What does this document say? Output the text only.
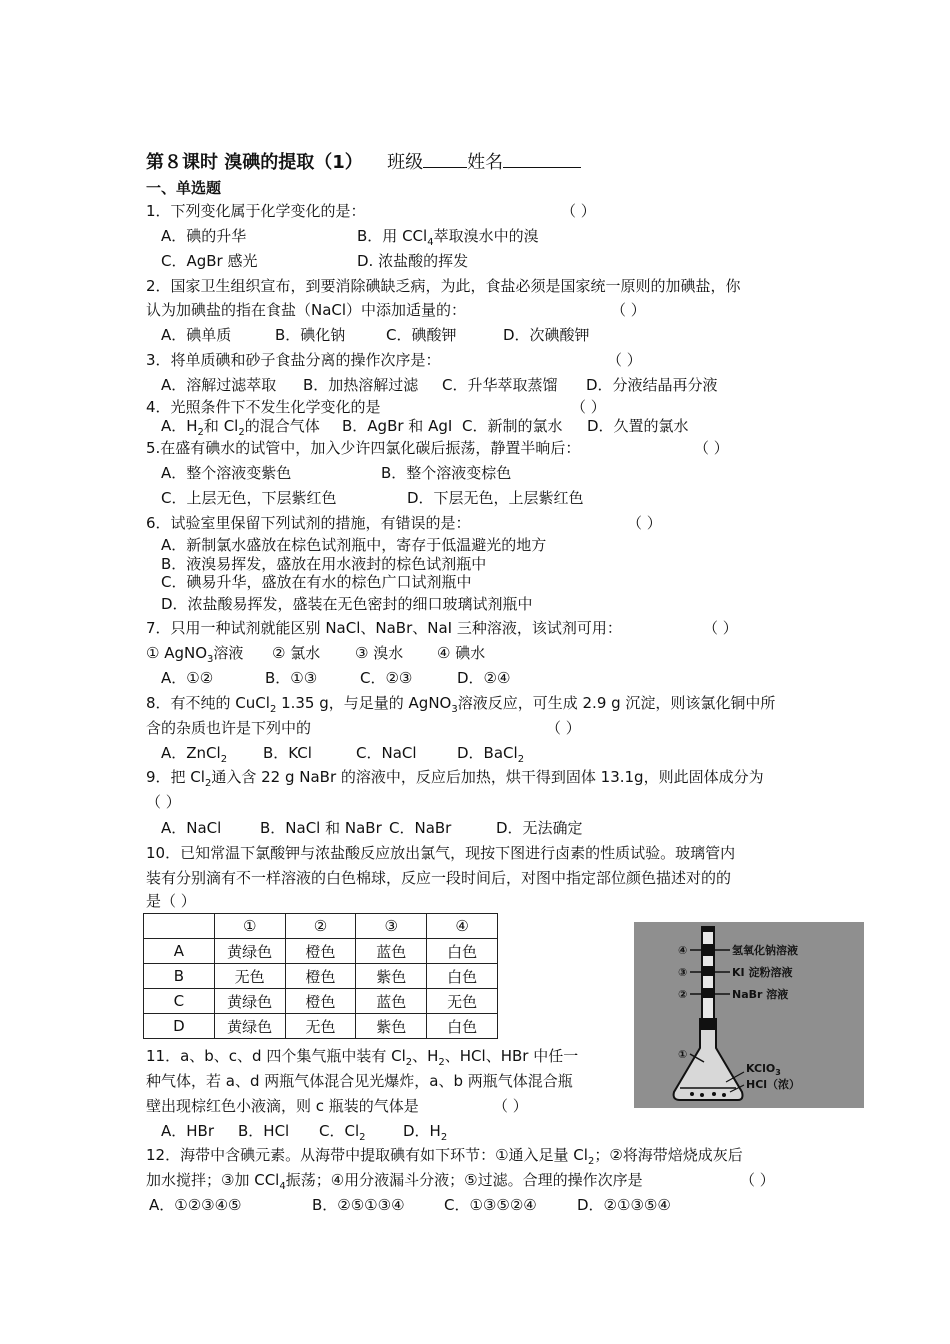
第８课时 溴碘的提取（1） 班级 姓名
一、单选题
1．下列变化属于化学变化的是：	（ ）
A．碘的升华	B．用 CCl$_4$萃取溴水中的溴
C．AgBr 感光	D. 浓盐酸的挥发
2．国家卫生组织宣布，到要消除碘缺乏病，为此，食盐必须是国家统一原则的加碘盐，你
认为加碘盐的指在食盐（NaCl）中添加适量的：	（ ）
A．碘单质	B．碘化钠	C．碘酸钾	D．次碘酸钾
3．将单质碘和砂子食盐分离的操作次序是：	（ ）
A．溶解过滤萃取 B．加热溶解过滤 C．升华萃取蒸馏 D．分液结晶再分液
4．光照条件下不发生化学变化的是	（ ）
A．$H_2$和 $Cl_2$的混合气体 B．AgBr 和 AgI C．新制的氯水 D．久置的氯水
5.在盛有碘水的试管中，加入少许四氯化碳后振荡，静置半晌后：	（ ）
A．整个溶液变紫色	B．整个溶液变棕色
C．上层无色，下层紫红色	D．下层无色，上层紫红色
6．试验室里保留下列试剂的措施，有错误的是：	（ ）
A．新制氯水盛放在棕色试剂瓶中，寄存于低温避光的地方
B．液溴易挥发，盛放在用水液封的棕色试剂瓶中
C．碘易升华，盛放在有水的棕色广口试剂瓶中
D．浓盐酸易挥发，盛装在无色密封的细口玻璃试剂瓶中
7．只用一种试剂就能区别 NaCl、NaBr、NaI 三种溶液，该试剂可用：	（ ）
① AgNO$_3$溶液 ② 氯水 ③ 溴水 ④ 碘水
A．①②	B．①③	C．②③	D．②④
8．有不纯的 CuCl$_2$ 1.35 g，与足量的 AgNO$_3$溶液反应，可生成 2.9 g 沉淀，则该氯化铜中所
含的杂质也许是下列中的	（ ）
A．ZnCl$_2$ B．KCl	C．NaCl	D．BaCl$_2$
9．把 $Cl_2$通入含 22 g NaBr 的溶液中，反应后加热，烘干得到固体 13.1g，则此固体成分为
（ ）
A．NaCl	B．NaCl 和 NaBr C．NaBr	D．无法确定
10．已知常温下氯酸钾与浓盐酸反应放出氯气，现按下图进行卤素的性质试验。玻璃管内
装有分别滴有不一样溶液的白色棉球，反应一段时间后，对图中指定部位颜色描述对的的
是（ ）
	①	②	③	④
A	黄绿色	橙色	蓝色	白色
B	无色	橙色	紫色	白色
C	黄绿色	橙色	蓝色	无色
D	黄绿色	无色	紫色	白色
④	氢氧化钠溶液
③	KI 淀粉溶液
②	NaBr 溶液
①
KClO$_3$
HCl（浓）
11．a、b、c、d 四个集气瓶中装有 $Cl_2$、$H_2$、HCl、HBr 中任一
种气体，若 a、d 两瓶气体混合见光爆炸，a、b 两瓶气体混合瓶
壁出现棕红色小液滴，则 c 瓶装的气体是	（ ）
A．HBr B．HCl C．$Cl_2$	D．$H_2$
12．海带中含碘元素。从海带中提取碘有如下环节：①通入足量 $Cl_2$；②将海带焙烧成灰后
加水搅拌；③加 CCl$_4$振荡；④用分液漏斗分液；⑤过滤。合理的操作次序是	（ ）
A．①②③④⑤	B．②⑤①③④	C．①③⑤②④	D．②①③⑤④
